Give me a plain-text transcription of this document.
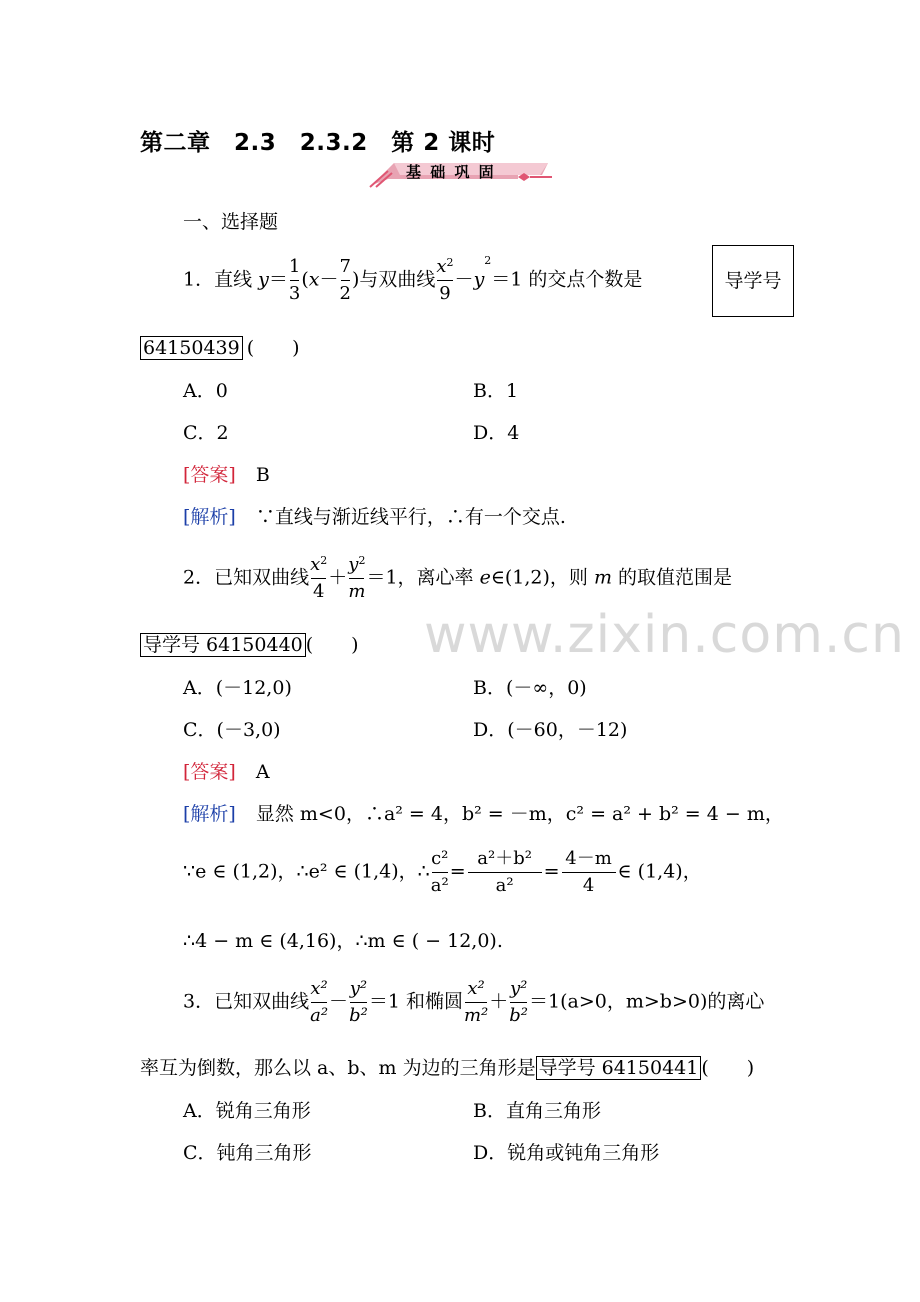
www.zixin.com.cn
第二章　2.3　2.3.2　第 2 课时
基 础 巩 固
一、选择题
1．直线 $y= \frac{1}{3} (x- \frac{7}{2}$ )与双曲线 $\frac{x^2}{9} -y^2=1$ 的交点个数是	导学号
64150439 (　　)
A．0	B．1
C．2	D．4
[答案] B
[解析] ∵直线与渐近线平行，∴有一个交点.
2．已知双曲线 $\frac{x^2}{4} + \frac{y^2}{m} =1$，离心率 e∈(1,2)，则 m 的取值范围是
导学号 64150440 (　　)
A．(－12,0)	B．(－∞，0)
C．(－3,0)	D．(－60，－12)
[答案] A
[解析] 显然 m<0，∴a² = 4，b² = －m，c² = a² + b² = 4 − m，
∵e ∈ (1,2)，∴e² ∈ (1,4)，∴ $\frac{\text{c²}}{\text{a²}} = \frac{\text{a²＋b²}}{\text{a²}} = \frac{4-m}{4}$ ∈ (1,4)，
∴4 − m ∈ (4,16)，∴m ∈ ( − 12,0).
3．已知双曲线 $\frac{\text{x²}}{\text{a²}} - \frac{\text{y²}}{\text{b²}} =1$ 和椭圆 $\frac{\text{x²}}{\text{m²}} + \frac{\text{y²}}{\text{b²}} =1(a>0$，m>b>0)的离心
率互为倒数，那么以 a、b、m 为边的三角形是 导学号 64150441 (　　)
A．锐角三角形	B．直角三角形
C．钝角三角形	D．锐角或钝角三角形
